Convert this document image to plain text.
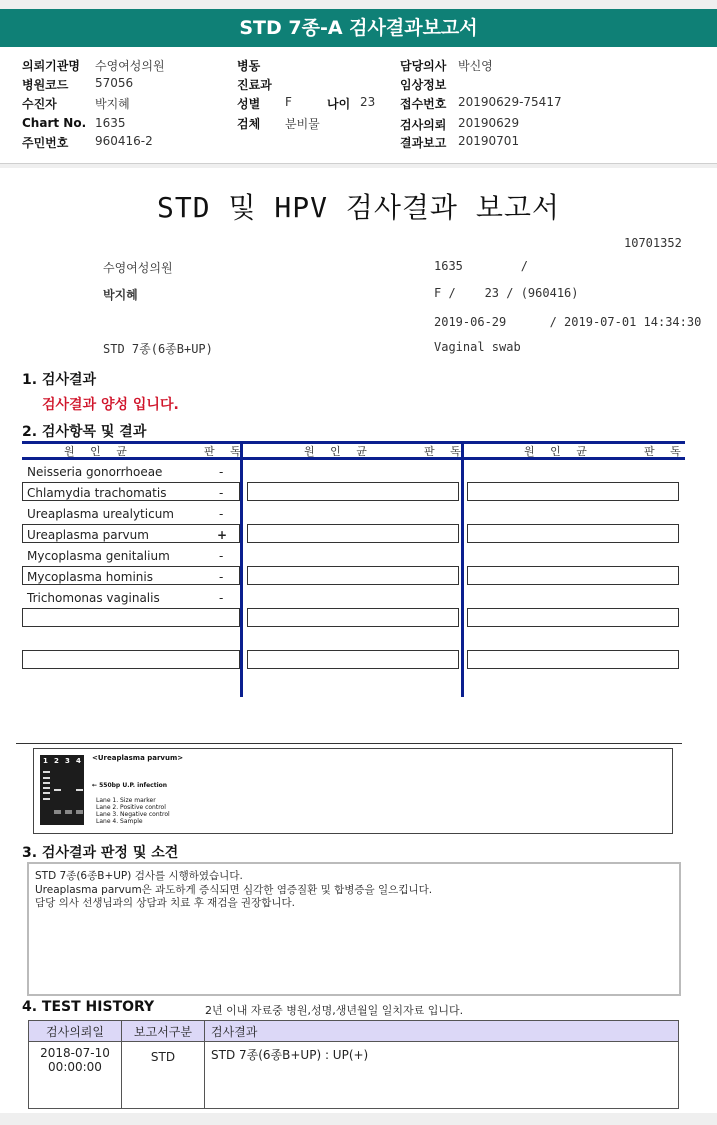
STD 7종-A 검사결과보고서
의뢰기관명 수영여성의원
병원코드 57056
수진자	박지혜
Chart No. 1635
주민번호 960416-2
병동
진료과
성별 F	나이 23
검체 분비물
담당의사 박신영
임상정보
접수번호 20190629-75417
검사의뢰 20190629
결과보고 20190701
STD 및 HPV 검사결과 보고서
10701352
수영여성의원	1635        /
박지혜	F /    23 / (960416)
2019-06-29      / 2019-07-01 14:34:30
STD 7종(6종B+UP)	Vaginal swab
1. 검사결과
검사결과 양성 입니다.
2. 검사항목 및 결과
원 인 균	판 독	원 인 균	판 독	원 인 균	판 독
Neisseria gonorrhoeae	-
Chlamydia trachomatis	-
Ureaplasma urealyticum	-
Ureaplasma parvum	+
Mycoplasma genitalium	-
Mycoplasma hominis	-
Trichomonas vaginalis	-
1 2 3 4 <Ureaplasma parvum>
← 550bp U.P. infection
Lane 1. Size marker
Lane 2. Positive control
Lane 3. Negative control
Lane 4. Sample
3. 검사결과 판정 및 소견
STD 7종(6종B+UP) 검사를 시행하였습니다.
Ureaplasma parvum은 과도하게 증식되면 심각한 염증질환 및 합병증을 일으킵니다.
담당 의사 선생님과의 상담과 치료 후 재검을 권장합니다.
4. TEST HISTORY	2년 이내 자료중 병원,성명,생년월일 일치자료 입니다.
검사의뢰일	보고서구분	검사결과

2018-07-10
00:00:00	STD	STD 7종(6종B+UP) : UP(+)
